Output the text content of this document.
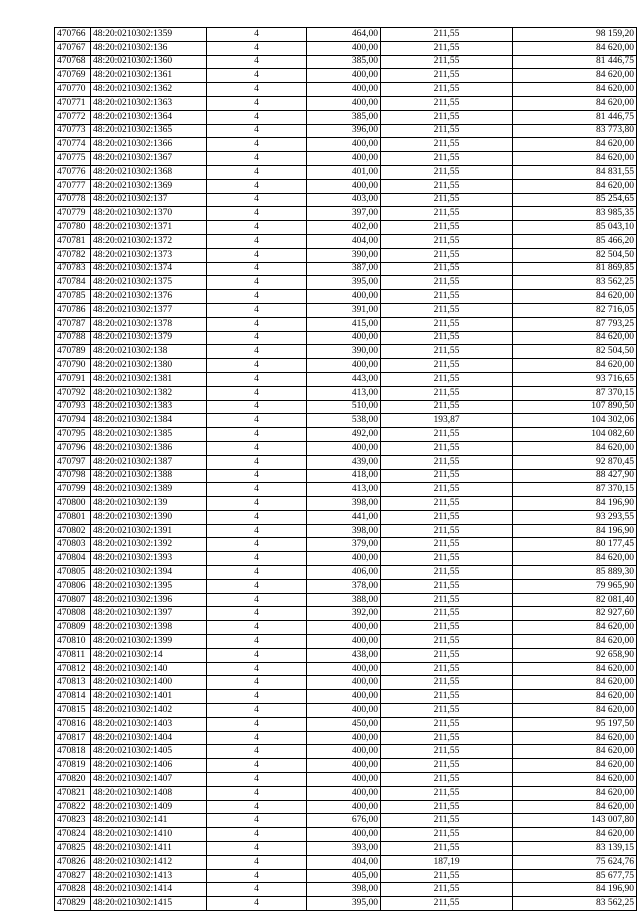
470766	48:20:0210302:1359	4	464,00	211,55	98 159,20
470767	48:20:0210302:136	4	400,00	211,55	84 620,00
470768	48:20:0210302:1360	4	385,00	211,55	81 446,75
470769	48:20:0210302:1361	4	400,00	211,55	84 620,00
470770	48:20:0210302:1362	4	400,00	211,55	84 620,00
470771	48:20:0210302:1363	4	400,00	211,55	84 620,00
470772	48:20:0210302:1364	4	385,00	211,55	81 446,75
470773	48:20:0210302:1365	4	396,00	211,55	83 773,80
470774	48:20:0210302:1366	4	400,00	211,55	84 620,00
470775	48:20:0210302:1367	4	400,00	211,55	84 620,00
470776	48:20:0210302:1368	4	401,00	211,55	84 831,55
470777	48:20:0210302:1369	4	400,00	211,55	84 620,00
470778	48:20:0210302:137	4	403,00	211,55	85 254,65
470779	48:20:0210302:1370	4	397,00	211,55	83 985,35
470780	48:20:0210302:1371	4	402,00	211,55	85 043,10
470781	48:20:0210302:1372	4	404,00	211,55	85 466,20
470782	48:20:0210302:1373	4	390,00	211,55	82 504,50
470783	48:20:0210302:1374	4	387,00	211,55	81 869,85
470784	48:20:0210302:1375	4	395,00	211,55	83 562,25
470785	48:20:0210302:1376	4	400,00	211,55	84 620,00
470786	48:20:0210302:1377	4	391,00	211,55	82 716,05
470787	48:20:0210302:1378	4	415,00	211,55	87 793,25
470788	48:20:0210302:1379	4	400,00	211,55	84 620,00
470789	48:20:0210302:138	4	390,00	211,55	82 504,50
470790	48:20:0210302:1380	4	400,00	211,55	84 620,00
470791	48:20:0210302:1381	4	443,00	211,55	93 716,65
470792	48:20:0210302:1382	4	413,00	211,55	87 370,15
470793	48:20:0210302:1383	4	510,00	211,55	107 890,50
470794	48:20:0210302:1384	4	538,00	193,87	104 302,06
470795	48:20:0210302:1385	4	492,00	211,55	104 082,60
470796	48:20:0210302:1386	4	400,00	211,55	84 620,00
470797	48:20:0210302:1387	4	439,00	211,55	92 870,45
470798	48:20:0210302:1388	4	418,00	211,55	88 427,90
470799	48:20:0210302:1389	4	413,00	211,55	87 370,15
470800	48:20:0210302:139	4	398,00	211,55	84 196,90
470801	48:20:0210302:1390	4	441,00	211,55	93 293,55
470802	48:20:0210302:1391	4	398,00	211,55	84 196,90
470803	48:20:0210302:1392	4	379,00	211,55	80 177,45
470804	48:20:0210302:1393	4	400,00	211,55	84 620,00
470805	48:20:0210302:1394	4	406,00	211,55	85 889,30
470806	48:20:0210302:1395	4	378,00	211,55	79 965,90
470807	48:20:0210302:1396	4	388,00	211,55	82 081,40
470808	48:20:0210302:1397	4	392,00	211,55	82 927,60
470809	48:20:0210302:1398	4	400,00	211,55	84 620,00
470810	48:20:0210302:1399	4	400,00	211,55	84 620,00
470811	48:20:0210302:14	4	438,00	211,55	92 658,90
470812	48:20:0210302:140	4	400,00	211,55	84 620,00
470813	48:20:0210302:1400	4	400,00	211,55	84 620,00
470814	48:20:0210302:1401	4	400,00	211,55	84 620,00
470815	48:20:0210302:1402	4	400,00	211,55	84 620,00
470816	48:20:0210302:1403	4	450,00	211,55	95 197,50
470817	48:20:0210302:1404	4	400,00	211,55	84 620,00
470818	48:20:0210302:1405	4	400,00	211,55	84 620,00
470819	48:20:0210302:1406	4	400,00	211,55	84 620,00
470820	48:20:0210302:1407	4	400,00	211,55	84 620,00
470821	48:20:0210302:1408	4	400,00	211,55	84 620,00
470822	48:20:0210302:1409	4	400,00	211,55	84 620,00
470823	48:20:0210302:141	4	676,00	211,55	143 007,80
470824	48:20:0210302:1410	4	400,00	211,55	84 620,00
470825	48:20:0210302:1411	4	393,00	211,55	83 139,15
470826	48:20:0210302:1412	4	404,00	187,19	75 624,76
470827	48:20:0210302:1413	4	405,00	211,55	85 677,75
470828	48:20:0210302:1414	4	398,00	211,55	84 196,90
470829	48:20:0210302:1415	4	395,00	211,55	83 562,25
